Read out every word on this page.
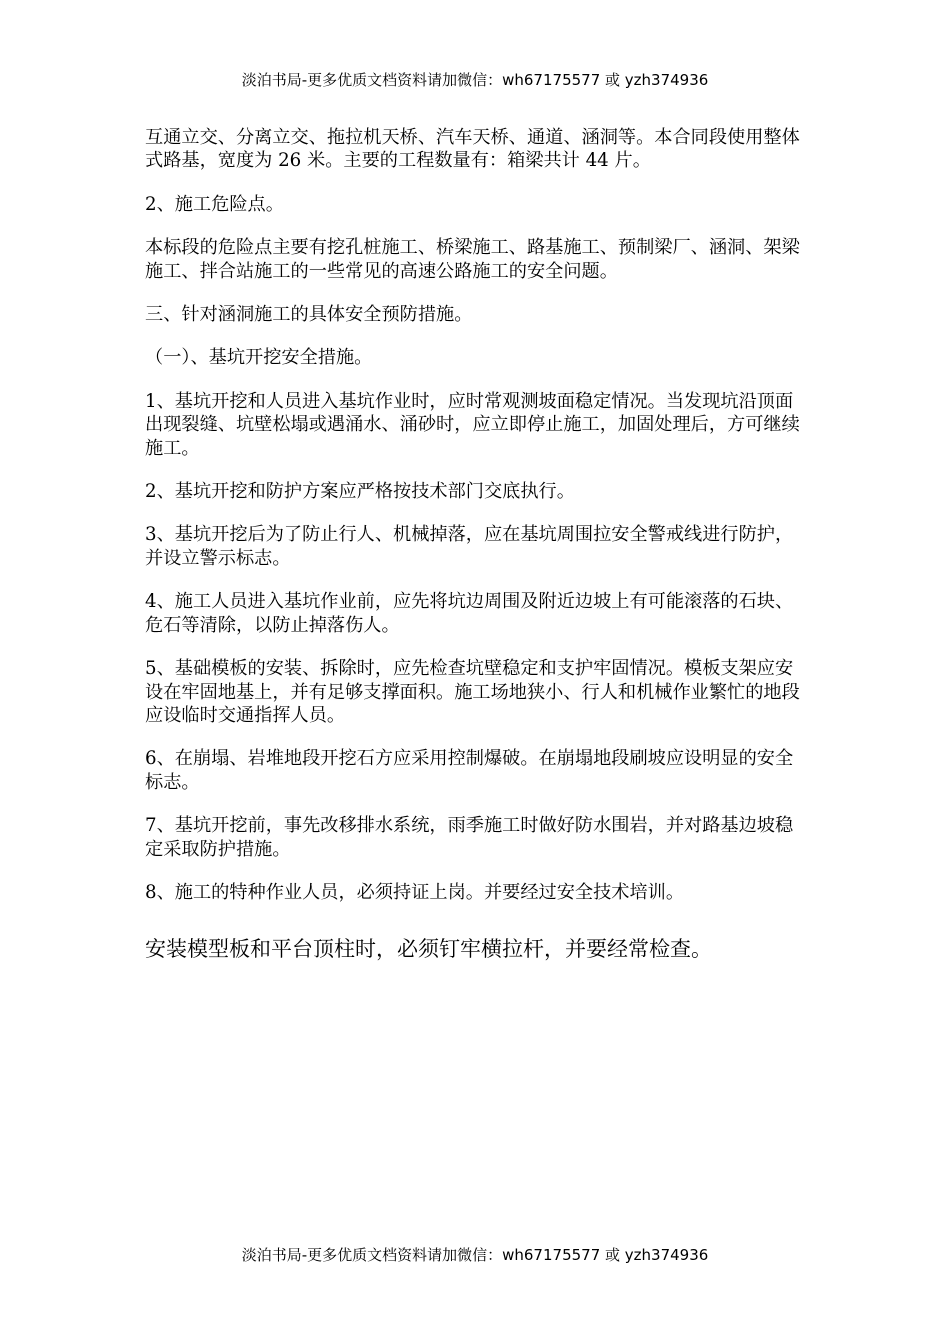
淡泊书局-更多优质文档资料请加微信：wh67175577 或 yzh374936

互通立交、分离立交、拖拉机天桥、汽车天桥、通道、涵洞等。本合同段使用整体式路基，宽度为 26 米。主要的工程数量有：箱梁共计 44 片。

2、施工危险点。

本标段的危险点主要有挖孔桩施工、桥梁施工、路基施工、预制梁厂、涵洞、架梁施工、拌合站施工的一些常见的高速公路施工的安全问题。

三、针对涵洞施工的具体安全预防措施。

（一）、基坑开挖安全措施。

1、基坑开挖和人员进入基坑作业时，应时常观测坡面稳定情况。当发现坑沿顶面出现裂缝、坑壁松塌或遇涌水、涌砂时，应立即停止施工，加固处理后，方可继续施工。

2、基坑开挖和防护方案应严格按技术部门交底执行。

3、基坑开挖后为了防止行人、机械掉落，应在基坑周围拉安全警戒线进行防护，并设立警示标志。

4、施工人员进入基坑作业前，应先将坑边周围及附近边坡上有可能滚落的石块、危石等清除，以防止掉落伤人。

5、基础模板的安装、拆除时，应先检查坑壁稳定和支护牢固情况。模板支架应安设在牢固地基上，并有足够支撑面积。施工场地狭小、行人和机械作业繁忙的地段应设临时交通指挥人员。

6、在崩塌、岩堆地段开挖石方应采用控制爆破。在崩塌地段刷坡应设明显的安全标志。

7、基坑开挖前，事先改移排水系统，雨季施工时做好防水围岩，并对路基边坡稳定采取防护措施。

8、施工的特种作业人员，必须持证上岗。并要经过安全技术培训。

安装模型板和平台顶柱时，必须钉牢横拉杆，并要经常检查。

淡泊书局-更多优质文档资料请加微信：wh67175577 或 yzh374936
